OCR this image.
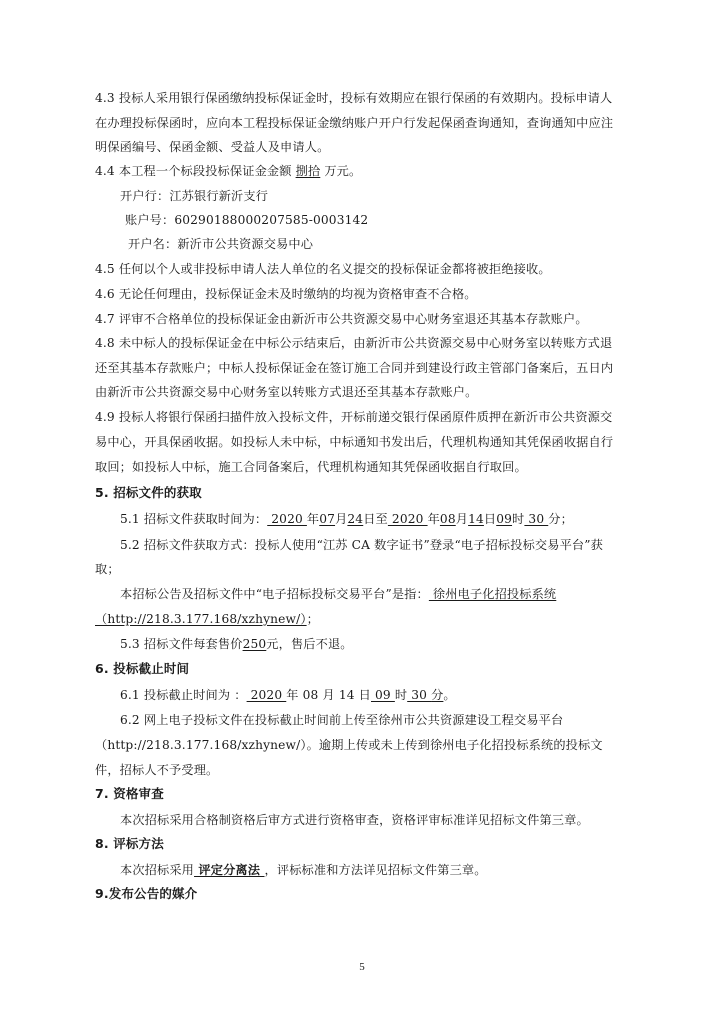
4.3 投标人采用银行保函缴纳投标保证金时，投标有效期应在银行保函的有效期内。投标申请人
在办理投标保函时，应向本工程投标保证金缴纳账户开户行发起保函查询通知，查询通知中应注
明保函编号、保函金额、受益人及申请人。
4.4 本工程一个标段投标保证金金额 捌拾 万元。
开户行：江苏银行新沂支行
账户号：60290188000207585-0003142
开户名：新沂市公共资源交易中心
4.5 任何以个人或非投标申请人法人单位的名义提交的投标保证金都将被拒绝接收。
4.6 无论任何理由，投标保证金未及时缴纳的均视为资格审查不合格。
4.7 评审不合格单位的投标保证金由新沂市公共资源交易中心财务室退还其基本存款账户。
4.8 未中标人的投标保证金在中标公示结束后，由新沂市公共资源交易中心财务室以转账方式退
还至其基本存款账户；中标人投标保证金在签订施工合同并到建设行政主管部门备案后，五日内
由新沂市公共资源交易中心财务室以转账方式退还至其基本存款账户。
4.9 投标人将银行保函扫描件放入投标文件，开标前递交银行保函原件质押在新沂市公共资源交
易中心，开具保函收据。如投标人未中标，中标通知书发出后，代理机构通知其凭保函收据自行
取回；如投标人中标，施工合同备案后，代理机构通知其凭保函收据自行取回。
5. 招标文件的获取
5.1 招标文件获取时间为： 2020 年07月24日至 2020 年08月14日09时 30 分；
5.2 招标文件获取方式：投标人使用“江苏 CA 数字证书”登录“电子招标投标交易平台”获
取；
本招标公告及招标文件中“电子招标投标交易平台”是指： 徐州电子化招投标系统
（http://218.3.177.168/xzhynew/）；
5.3 招标文件每套售价250元，售后不退。
6. 投标截止时间
6.1 投标截止时间为 ： 2020 年 08 月 14 日 09 时 30 分。
6.2 网上电子投标文件在投标截止时间前上传至徐州市公共资源建设工程交易平台
（http://218.3.177.168/xzhynew/）。逾期上传或未上传到徐州电子化招投标系统的投标文
件，招标人不予受理。
7. 资格审查
本次招标采用合格制资格后审方式进行资格审查，资格评审标准详见招标文件第三章。
8. 评标方法
本次招标采用 评定分离法 ，评标标准和方法详见招标文件第三章。
9.发布公告的媒介
5
